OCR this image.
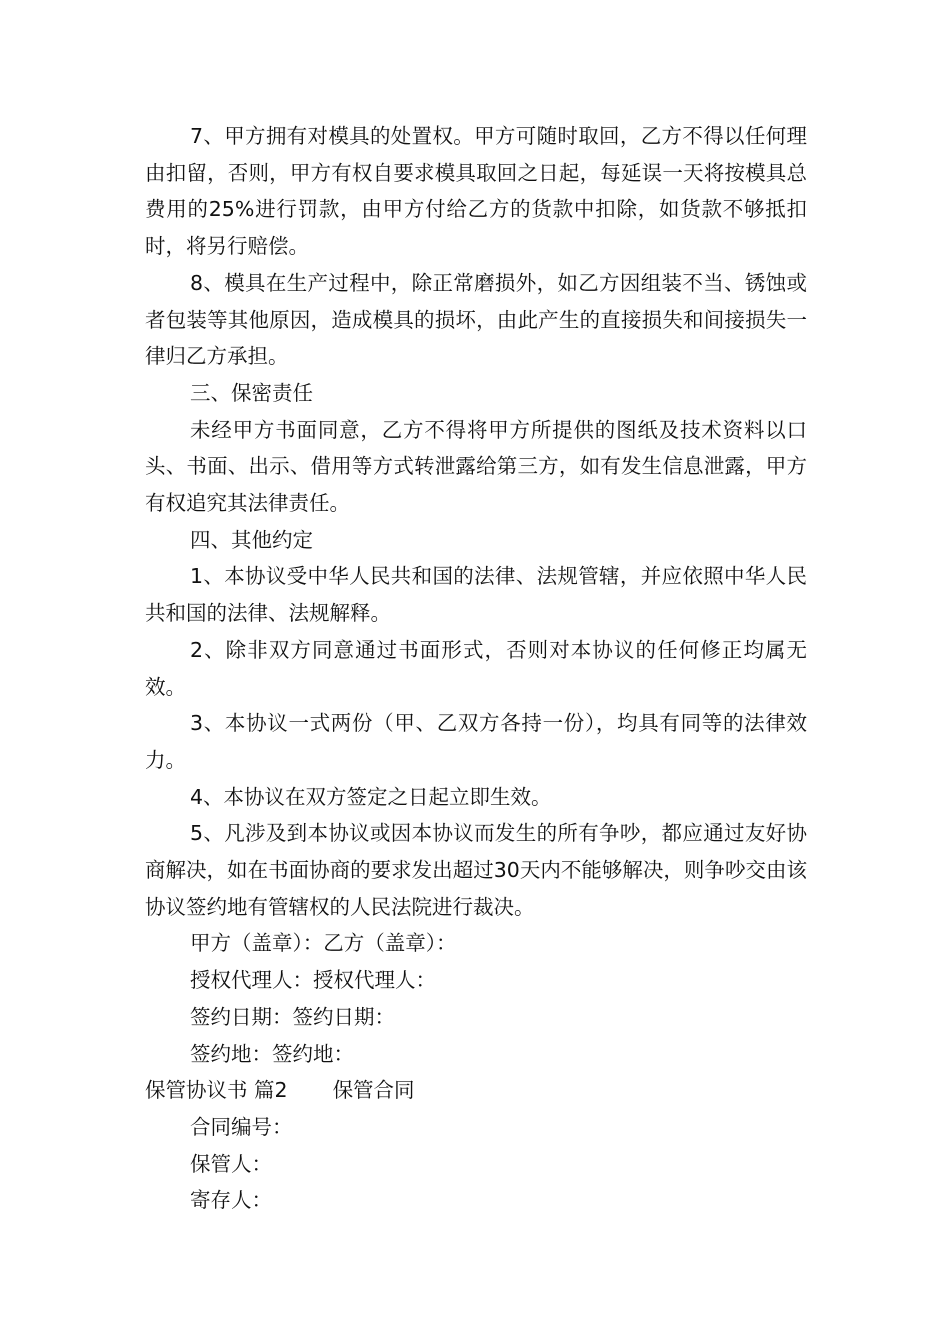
7、甲方拥有对模具的处置权。甲方可随时取回，乙方不得以任何理由扣留，否则，甲方有权自要求模具取回之日起，每延误一天将按模具总费用的25%进行罚款，由甲方付给乙方的货款中扣除，如货款不够抵扣时，将另行赔偿。

8、模具在生产过程中，除正常磨损外，如乙方因组装不当、锈蚀或者包装等其他原因，造成模具的损坏，由此产生的直接损失和间接损失一律归乙方承担。

三、保密责任

未经甲方书面同意，乙方不得将甲方所提供的图纸及技术资料以口头、书面、出示、借用等方式转泄露给第三方，如有发生信息泄露，甲方有权追究其法律责任。

四、其他约定

1、本协议受中华人民共和国的法律、法规管辖，并应依照中华人民共和国的法律、法规解释。

2、除非双方同意通过书面形式，否则对本协议的任何修正均属无效。

3、本协议一式两份（甲、乙双方各持一份），均具有同等的法律效力。

4、本协议在双方签定之日起立即生效。

5、凡涉及到本协议或因本协议而发生的所有争吵，都应通过友好协商解决，如在书面协商的要求发出超过30天内不能够解决，则争吵交由该协议签约地有管辖权的人民法院进行裁决。

甲方（盖章）：乙方（盖章）：

授权代理人：授权代理人：

签约日期：签约日期：

签约地：签约地：

保管协议书 篇2 保管合同

合同编号：

保管人：

寄存人：
